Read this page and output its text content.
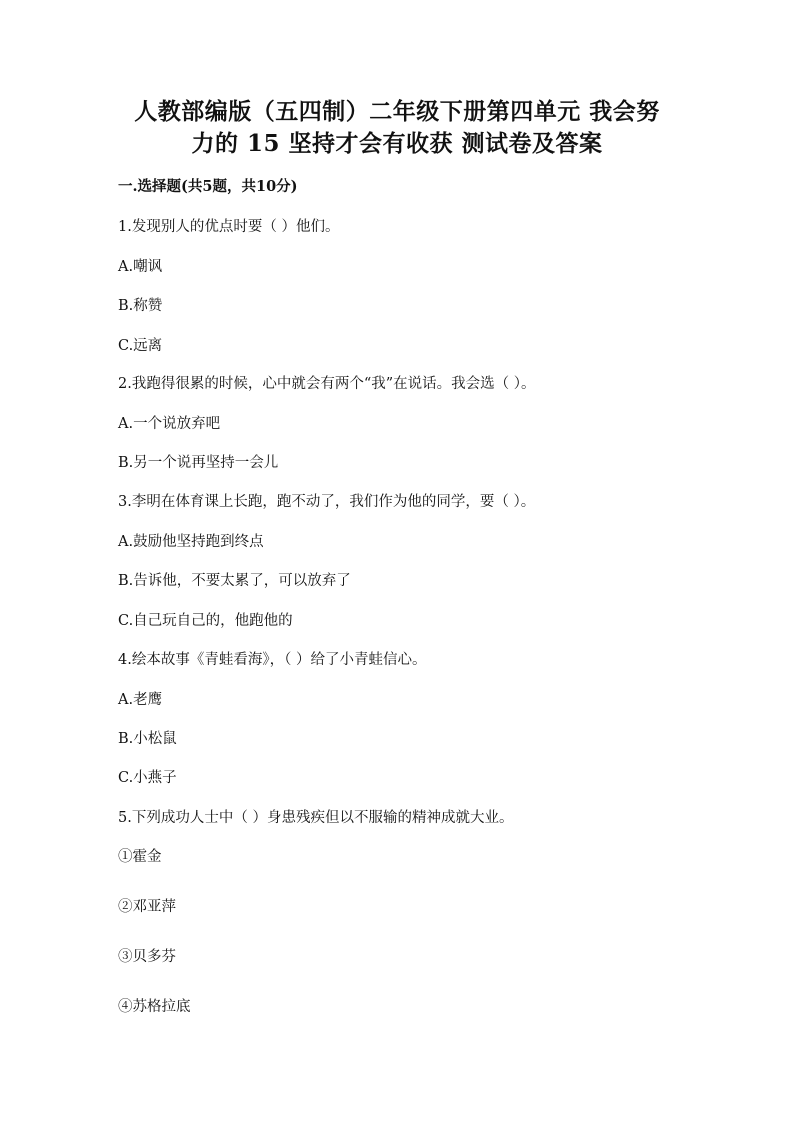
人教部编版（五四制）二年级下册第四单元 我会努
力的 15 坚持才会有收获 测试卷及答案
一.选择题(共5题，共10分)
1.发现别人的优点时要（ ）他们。
A.嘲讽
B.称赞
C.远离
2.我跑得很累的时候，心中就会有两个“我”在说话。我会选（ ）。
A.一个说放弃吧
B.另一个说再坚持一会儿
3.李明在体育课上长跑，跑不动了，我们作为他的同学，要（ ）。
A.鼓励他坚持跑到终点
B.告诉他，不要太累了，可以放弃了
C.自己玩自己的，他跑他的
4.绘本故事《青蛙看海》，（ ）给了小青蛙信心。
A.老鹰
B.小松鼠
C.小燕子
5.下列成功人士中（ ）身患残疾但以不服输的精神成就大业。
①霍金
②邓亚萍
③贝多芬
④苏格拉底
